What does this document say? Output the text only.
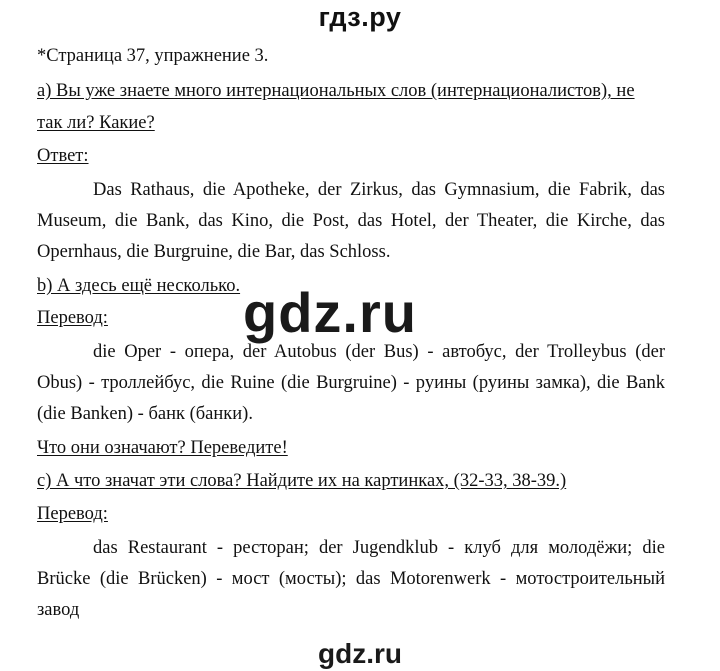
гдз.ру
*Страница 37, упражнение 3.
а) Вы уже знаете много интернациональных слов (интернационалистов), не
так ли? Какие?
Ответ:
Das Rathaus, die Apotheke, der Zirkus, das Gymnasium, die Fabrik, das Museum, die Bank, das Kino, die Post, das Hotel, der Theater, die Kirche, das Opernhaus, die Burgruine, die Bar, das Schloss.
b) А здесь ещё несколько.
Перевод:
die Oper - опера, der Autobus (der Bus) - автобус, der Trolleybus (der Obus) - троллейбус, die Ruine (die Burgruine) - руины (руины замка), die Bank (die Banken) - банк (банки).
Что они означают? Переведите!
c) А что значат эти слова? Найдите их на картинках, (32-33, 38-39.)
Перевод:
das Restaurant - ресторан; der Jugendklub - клуб для молодёжи; die Brücke (die Brücken) - мост (мосты); das Motorenwerk - мотостроительный завод
gdz.ru
gdz.ru
